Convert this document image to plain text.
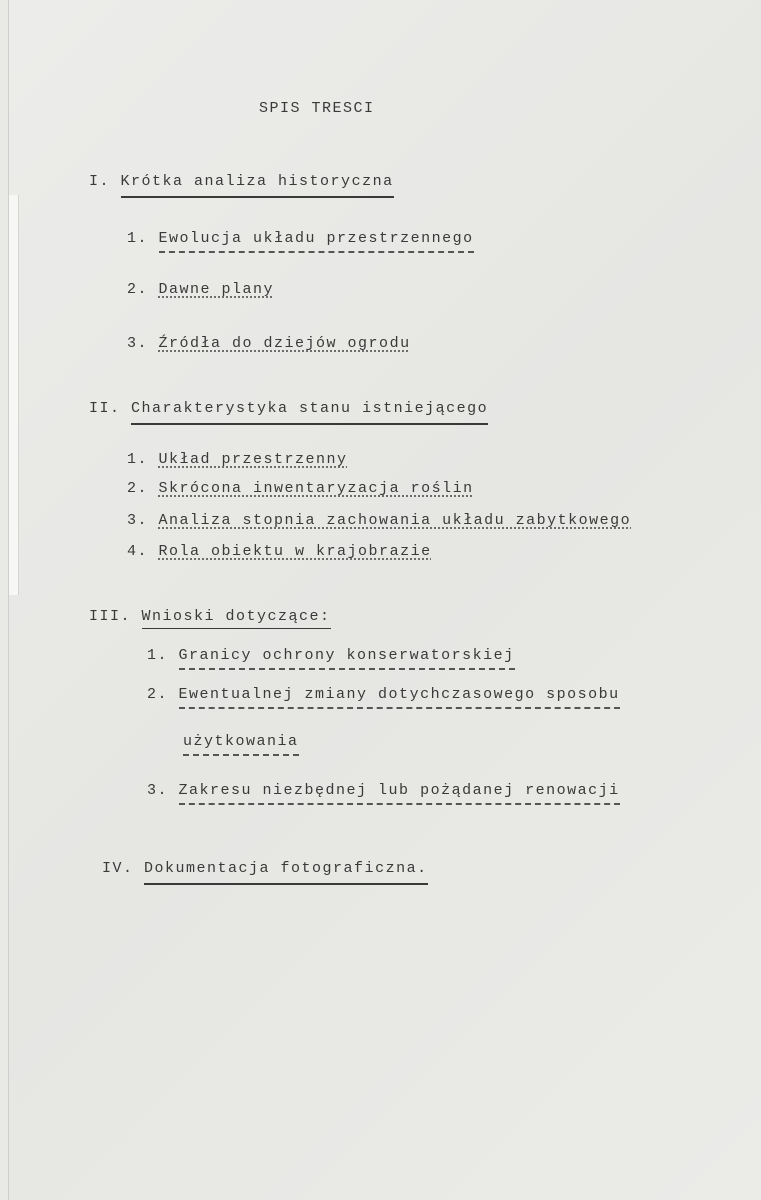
SPIS TRESCI
I. Krótka analiza historyczna
1. Ewolucja układu przestrzennego
2. Dawne plany
3. Źródła do dziejów ogrodu
II. Charakterystyka stanu istniejącego
1. Układ przestrzenny
2. Skrócona inwentaryzacja roślin
3. Analiza stopnia zachowania układu zabytkowego
4. Rola obiektu w krajobrazie
III. Wnioski dotyczące:
1. Granicy ochrony konserwatorskiej
2. Ewentualnej zmiany dotychczasowego sposobu
użytkowania
3. Zakresu niezbędnej lub pożądanej renowacji
IV. Dokumentacja fotograficzna.
